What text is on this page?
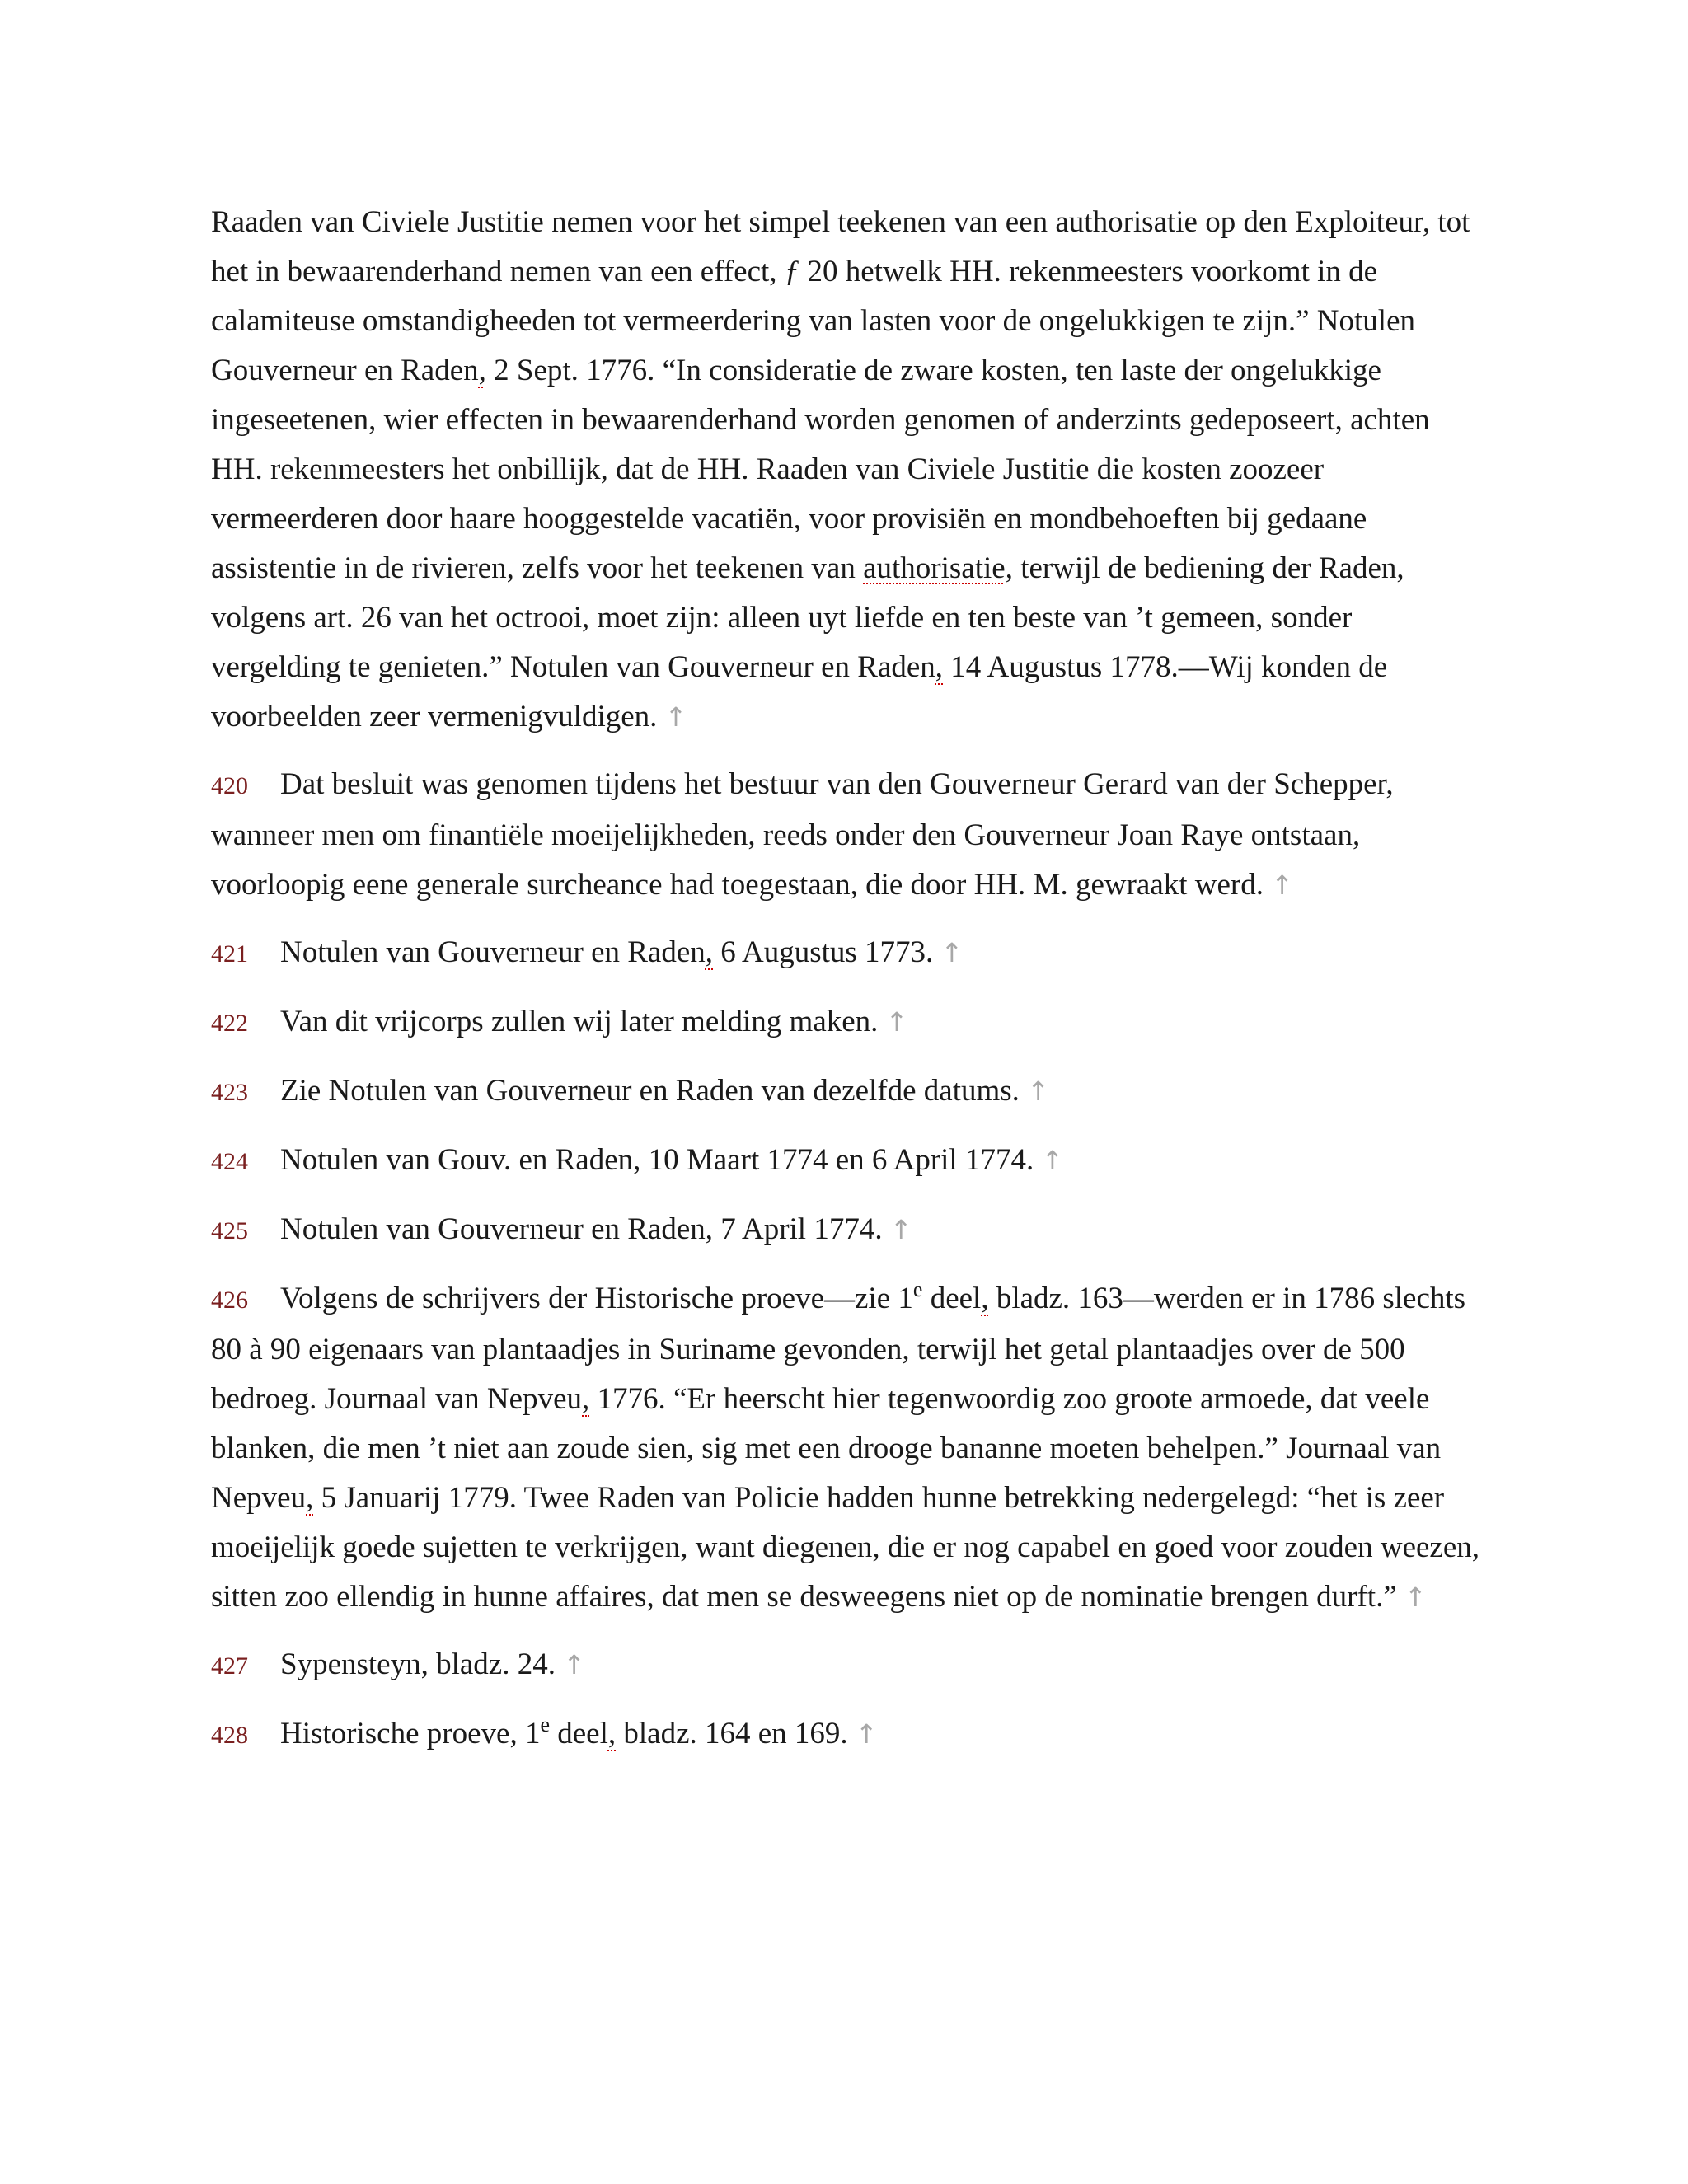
Raaden van Civiele Justitie nemen voor het simpel teekenen van een authorisatie op den Exploiteur, tot het in bewaarenderhand nemen van een effect, ƒ 20 hetwelk HH. rekenmeesters voorkomt in de calamiteuse omstandigheeden tot vermeerdering van lasten voor de ongelukkigen te zijn.” Notulen Gouverneur en Raden, 2 Sept. 1776. “In consideratie de zware kosten, ten laste der ongelukkige ingeseetenen, wier effecten in bewaarenderhand worden genomen of anderzints gedeposeert, achten HH. rekenmeesters het onbillijk, dat de HH. Raaden van Civiele Justitie die kosten zoozeer vermeerderen door haare hooggestelde vacatiën, voor provisiën en mondbehoeften bij gedaane assistentie in de rivieren, zelfs voor het teekenen van authorisatie, terwijl de bediening der Raden, volgens art. 26 van het octrooi, moet zijn: alleen uyt liefde en ten beste van ’t gemeen, sonder vergelding te genieten.” Notulen van Gouverneur en Raden, 14 Augustus 1778.—Wij konden de voorbeelden zeer vermenigvuldigen. ↑

420 Dat besluit was genomen tijdens het bestuur van den Gouverneur Gerard van der Schepper, wanneer men om finantiële moeijelijkheden, reeds onder den Gouverneur Joan Raye ontstaan, voorloopig eene generale surcheance had toegestaan, die door HH. M. gewraakt werd. ↑

421 Notulen van Gouverneur en Raden, 6 Augustus 1773. ↑

422 Van dit vrijcorps zullen wij later melding maken. ↑

423 Zie Notulen van Gouverneur en Raden van dezelfde datums. ↑

424 Notulen van Gouv. en Raden, 10 Maart 1774 en 6 April 1774. ↑

425 Notulen van Gouverneur en Raden, 7 April 1774. ↑

426 Volgens de schrijvers der Historische proeve—zie 1e deel, bladz. 163—werden er in 1786 slechts 80 à 90 eigenaars van plantaadjes in Suriname gevonden, terwijl het getal plantaadjes over de 500 bedroeg. Journaal van Nepveu, 1776. “Er heerscht hier tegenwoordig zoo groote armoede, dat veele blanken, die men ’t niet aan zoude sien, sig met een drooge bananne moeten behelpen.” Journaal van Nepveu, 5 Januarij 1779. Twee Raden van Policie hadden hunne betrekking nedergelegd: “het is zeer moeijelijk goede sujetten te verkrijgen, want diegenen, die er nog capabel en goed voor zouden weezen, sitten zoo ellendig in hunne affaires, dat men se desweegens niet op de nominatie brengen durft.” ↑

427 Sypensteyn, bladz. 24. ↑

428 Historische proeve, 1e deel, bladz. 164 en 169. ↑
